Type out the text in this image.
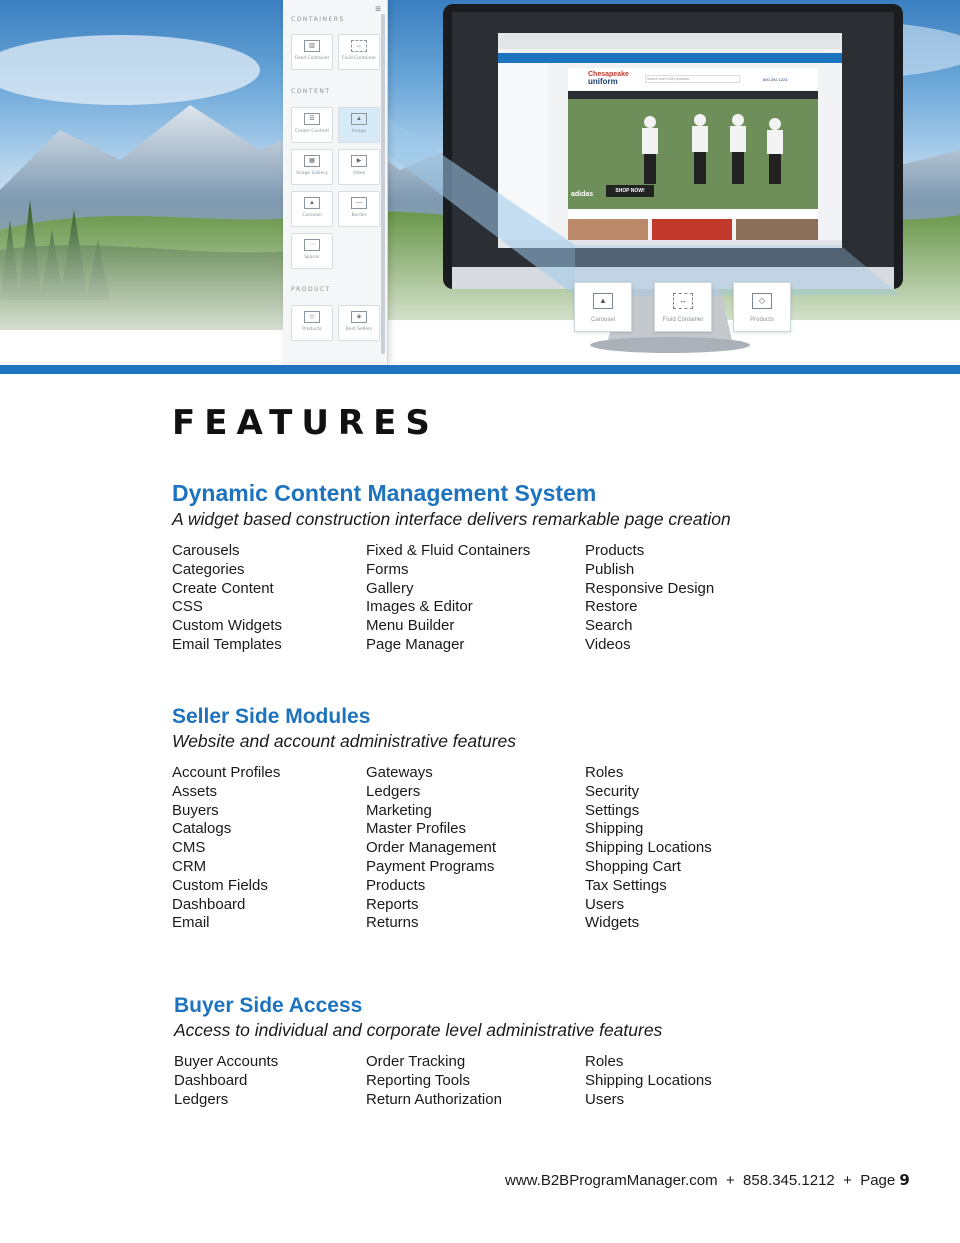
Chesapeake
uniform	Search over 1000 products	800.292.1224
SHOP NOW!
adidas
≡
CONTAINERS
▥
Fixed Container
↔
Fluid Container
CONTENT
☰
Create Content
▲
Image
▦
Image Gallery
▶
Video
▲
Carousel
—
Border
⋯
Spacer
PRODUCT
◇
Products
◈
Best Sellers
▲
Carousel
↔
Fluid Container
◇
Products
FEATURES
Dynamic Content Management System
A widget based construction interface delivers remarkable page creation
Carousels
Categories
Create Content
CSS
Custom Widgets
Email Templates
Fixed & Fluid Containers
Forms
Gallery
Images & Editor
Menu Builder
Page Manager
Products
Publish
Responsive Design
Restore
Search
Videos
Seller Side Modules
Website and account administrative features
Account Profiles
Assets
Buyers
Catalogs
CMS
CRM
Custom Fields
Dashboard
Email
Gateways
Ledgers
Marketing
Master Profiles
Order Management
Payment Programs
Products
Reports
Returns
Roles
Security
Settings
Shipping
Shipping Locations
Shopping Cart
Tax Settings
Users
Widgets
Buyer Side Access
Access to individual and corporate level administrative features
Buyer Accounts
Dashboard
Ledgers
Order Tracking
Reporting Tools
Return Authorization
Roles
Shipping Locations
Users
www.B2BProgramManager.com  +  858.345.1212  +  Page 9
